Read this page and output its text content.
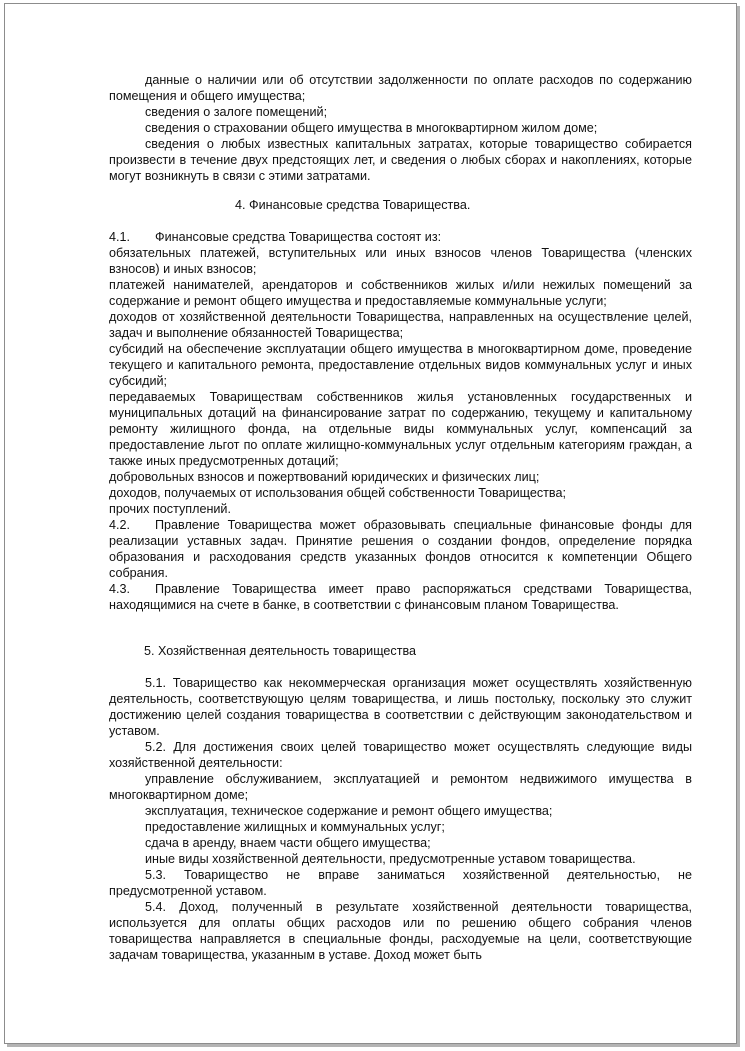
данные о наличии или об отсутствии задолженности по оплате расходов по содержанию помещения и общего имущества;

сведения о залоге помещений;

сведения о страховании общего имущества в многоквартирном жилом доме;

сведения о любых известных капитальных затратах, которые товарищество собирается произвести в течение двух предстоящих лет, и сведения о любых сборах и накоплениях, которые могут возникнуть в связи с этими затратами.

4. Финансовые средства Товарищества.

4.1. Финансовые средства Товарищества состоят из:

обязательных платежей, вступительных или иных взносов членов Товарищества (членских взносов) и иных взносов;

платежей нанимателей, арендаторов и собственников жилых и/или нежилых помещений за содержание и ремонт общего имущества и предоставляемые коммунальные услуги;

доходов от хозяйственной деятельности Товарищества, направленных на осуществление целей, задач и выполнение обязанностей Товарищества;

субсидий на обеспечение эксплуатации общего имущества в многоквартирном доме, проведение текущего и капитального ремонта, предоставление отдельных видов коммунальных услуг и иных субсидий;

передаваемых Товариществам собственников жилья установленных государственных и муниципальных дотаций на финансирование затрат по содержанию, текущему и капитальному ремонту жилищного фонда, на отдельные виды коммунальных услуг, компенсаций за предоставление льгот по оплате жилищно-коммунальных услуг отдельным категориям граждан, а также иных предусмотренных дотаций;

добровольных взносов и пожертвований юридических и физических лиц;

доходов, получаемых от использования общей собственности Товарищества;

прочих поступлений.

4.2. Правление Товарищества может образовывать специальные финансовые фонды для реализации уставных задач. Принятие решения о создании фондов, определение порядка образования и расходования средств указанных фондов относится к компетенции Общего собрания.

4.3. Правление Товарищества имеет право распоряжаться средствами Товарищества, находящимися на счете в банке, в соответствии с финансовым планом Товарищества.

5. Хозяйственная деятельность товарищества

5.1. Товарищество как некоммерческая организация может осуществлять хозяйственную деятельность, соответствующую целям товарищества, и лишь постольку, поскольку это служит достижению целей создания товарищества в соответствии с действующим законодательством и уставом.

5.2. Для достижения своих целей товарищество может осуществлять следующие виды хозяйственной деятельности:

управление обслуживанием, эксплуатацией и ремонтом недвижимого имущества в многоквартирном доме;

эксплуатация, техническое содержание и ремонт общего имущества;

предоставление жилищных и коммунальных услуг;

сдача в аренду, внаем части общего имущества;

иные виды хозяйственной деятельности, предусмотренные уставом товарищества.

5.3. Товарищество не вправе заниматься хозяйственной деятельностью, не предусмотренной уставом.

5.4. Доход, полученный в результате хозяйственной деятельности товарищества, используется для оплаты общих расходов или по решению общего собрания членов товарищества направляется в специальные фонды, расходуемые на цели, соответствующие задачам товарищества, указанным в уставе. Доход может быть
